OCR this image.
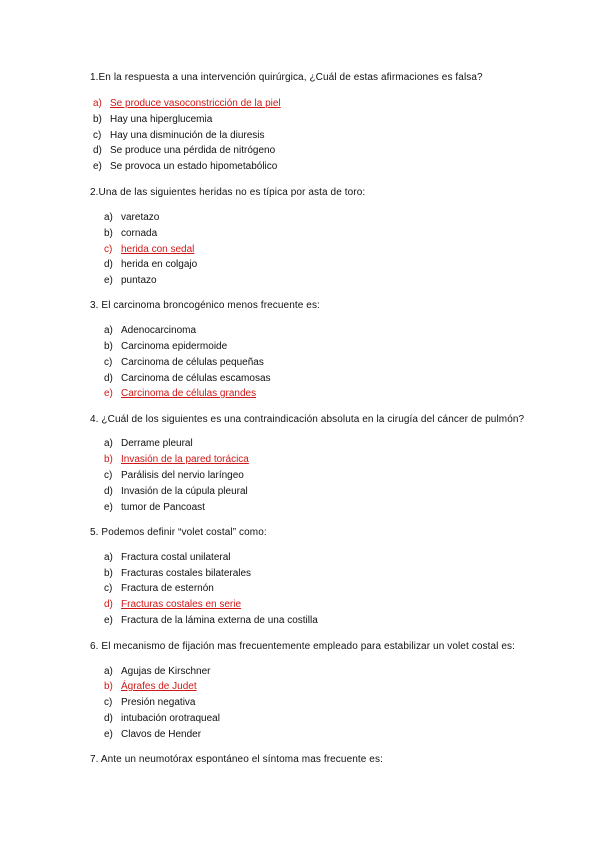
1.En la respuesta a una intervención quirúrgica, ¿Cuál de estas afirmaciones es falsa?
a) Se produce vasoconstricción de la piel
b) Hay una hiperglucemia
c) Hay una disminución de la diuresis
d) Se produce una pérdida de nitrógeno
e) Se provoca un estado hipometabólico
2.Una de las siguientes heridas no es típica por asta de toro:
a) varetazo
b) cornada
c) herida con sedal
d) herida en colgajo
e) puntazo
3. El carcinoma broncogénico menos frecuente es:
a) Adenocarcinoma
b) Carcinoma epidermoide
c) Carcinoma de células pequeñas
d) Carcinoma de células escamosas
e) Carcinoma de células grandes
4. ¿Cuál de los siguientes es una contraindicación absoluta en la cirugía del cáncer de pulmón?
a) Derrame pleural
b) Invasión de la pared torácica
c) Parálisis del nervio laríngeo
d) Invasión de la cúpula pleural
e) tumor de Pancoast
5. Podemos definir “volet costal” como:
a) Fractura costal unilateral
b) Fracturas costales bilaterales
c) Fractura de esternón
d) Fracturas costales en serie
e) Fractura de la lámina externa de una costilla
6. El mecanismo de fijación mas frecuentemente empleado para estabilizar un volet costal es:
a) Agujas de Kirschner
b) Ágrafes de Judet
c) Presión negativa
d) intubación orotraqueal
e) Clavos de Hender
7. Ante un neumotórax espontáneo el síntoma mas frecuente es:
